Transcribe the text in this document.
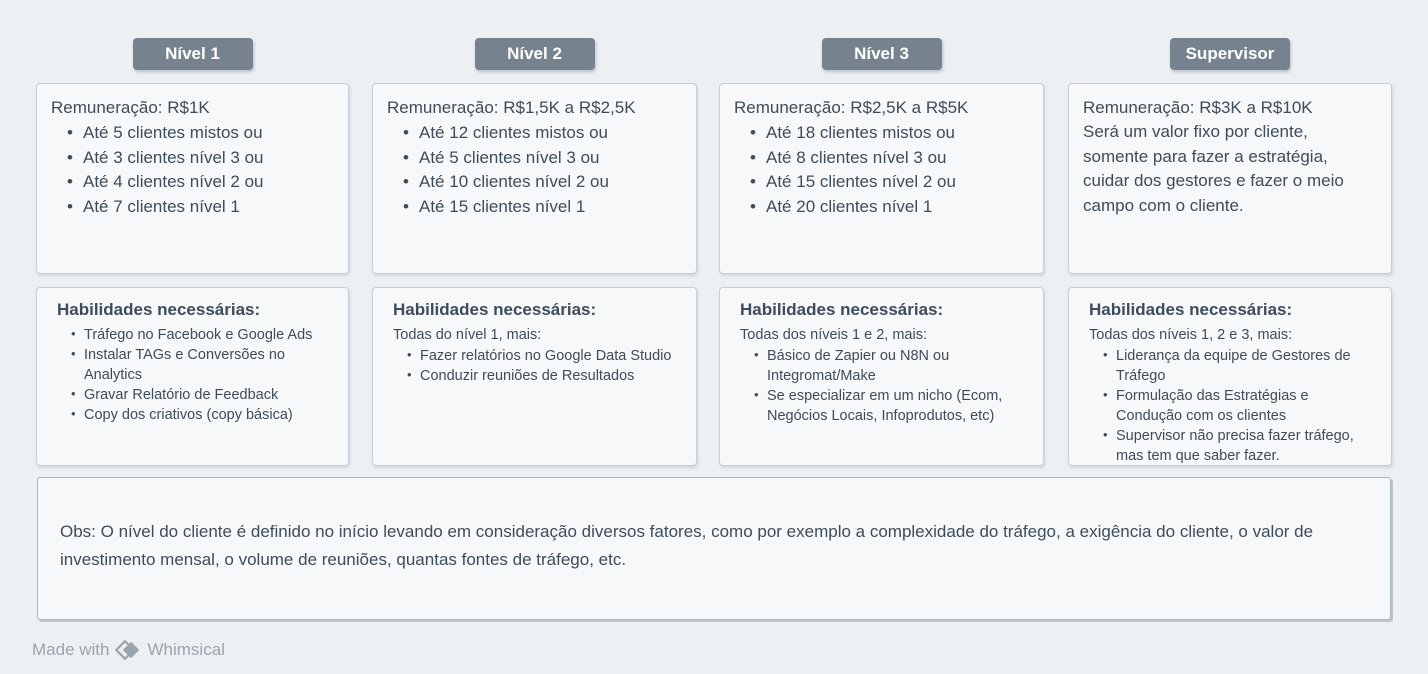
Nível 1
Remuneração: R$1K
• Até 5 clientes mistos ou
• Até 3 clientes nível 3 ou
• Até 4 clientes nível 2 ou
• Até 7 clientes nível 1
Habilidades necessárias:
• Tráfego no Facebook e Google Ads
• Instalar TAGs e Conversões no Analytics
• Gravar Relatório de Feedback
• Copy dos criativos (copy básica)
Nível 2
Remuneração: R$1,5K a R$2,5K
• Até 12 clientes mistos ou
• Até 5 clientes nível 3 ou
• Até 10 clientes nível 2 ou
• Até 15 clientes nível 1
Habilidades necessárias:
Todas do nível 1, mais:
• Fazer relatórios no Google Data Studio
• Conduzir reuniões de Resultados
Nível 3
Remuneração: R$2,5K a R$5K
• Até 18 clientes mistos ou
• Até 8 clientes nível 3 ou
• Até 15 clientes nível 2 ou
• Até 20 clientes nível 1
Habilidades necessárias:
Todas dos níveis 1 e 2, mais:
• Básico de Zapier ou N8N ou Integromat/Make
• Se especializar em um nicho (Ecom, Negócios Locais, Infoprodutos, etc)
Supervisor
Remuneração: R$3K a R$10K

Será um valor fixo por cliente, somente para fazer a estratégia, cuidar dos gestores e fazer o meio campo com o cliente.

Habilidades necessárias:
Todas dos níveis 1, 2 e 3, mais:
• Liderança da equipe de Gestores de Tráfego
• Formulação das Estratégias e Condução com os clientes
• Supervisor não precisa fazer tráfego, mas tem que saber fazer.

Obs: O nível do cliente é definido no início levando em consideração diversos fatores, como por exemplo a complexidade do tráfego, a exigência do cliente, o valor de investimento mensal, o volume de reuniões, quantas fontes de tráfego, etc.

Made with Whimsical
